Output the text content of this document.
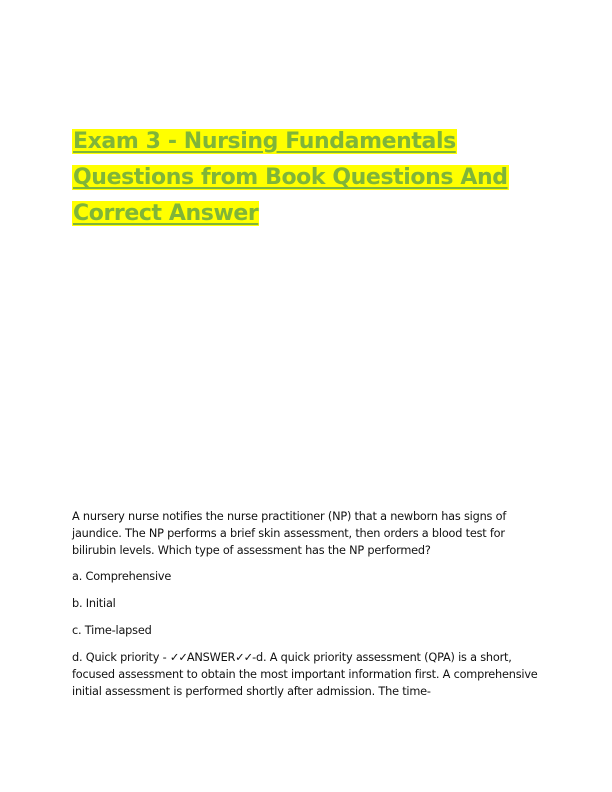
Exam 3 - Nursing Fundamentals

Questions from Book Questions And

Correct Answer

A nursery nurse notifies the nurse practitioner (NP) that a newborn has signs of jaundice. The NP performs a brief skin assessment, then orders a blood test for bilirubin levels. Which type of assessment has the NP performed?

a. Comprehensive

b. Initial

c. Time-lapsed

d. Quick priority - ✓✓ANSWER✓✓-d. A quick priority assessment (QPA) is a short, focused assessment to obtain the most important information first. A comprehensive initial assessment is performed shortly after admission. The time-
